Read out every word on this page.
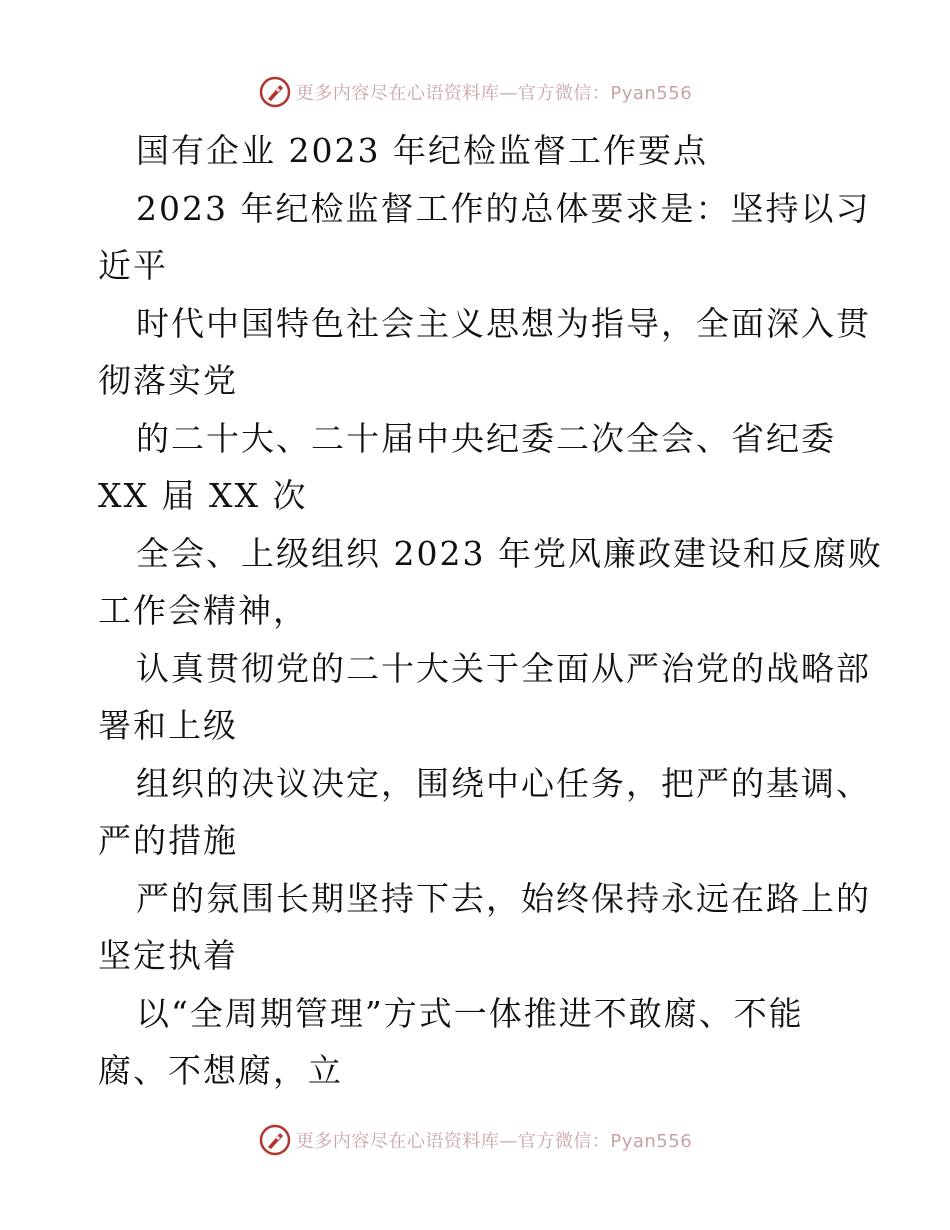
更多内容尽在心语资料库—官方微信：Pyan556
国有企业 2023 年纪检监督工作要点
2023 年纪检监督工作的总体要求是：坚持以习
近平
时代中国特色社会主义思想为指导，全面深入贯
彻落实党
的二十大、二十届中央纪委二次全会、省纪委
XX 届 XX 次
全会、上级组织 2023 年党风廉政建设和反腐败
工作会精神，
认真贯彻党的二十大关于全面从严治党的战略部
署和上级
组织的决议决定，围绕中心任务，把严的基调、
严的措施
严的氛围长期坚持下去，始终保持永远在路上的
坚定执着
以“全周期管理”方式一体推进不敢腐、不能
腐、不想腐，立
更多内容尽在心语资料库—官方微信：Pyan556
